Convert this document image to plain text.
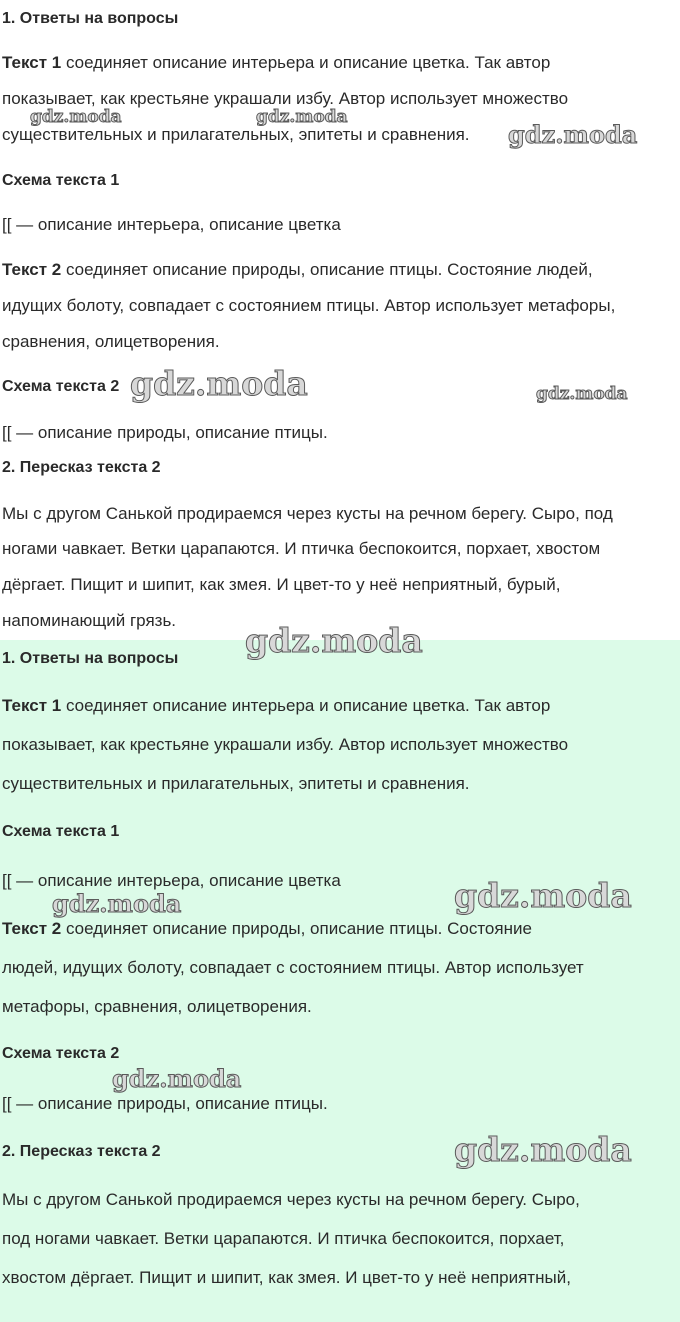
1. Ответы на вопросы
Текст 1 соединяет описание интерьера и описание цветка. Так автор
показывает, как крестьяне украшали избу. Автор использует множество
существительных и прилагательных, эпитеты и сравнения.
Схема текста 1
[[ — описание интерьера, описание цветка
Текст 2 соединяет описание природы, описание птицы. Состояние людей,
идущих болоту, совпадает с состоянием птицы. Автор использует метафоры,
сравнения, олицетворения.
Схема текста 2
[[ — описание природы, описание птицы.
2. Пересказ текста 2
Мы с другом Санькой продираемся через кусты на речном берегу. Сыро, под
ногами чавкает. Ветки царапаются. И птичка беспокоится, порхает, хвостом
дёргает. Пищит и шипит, как змея. И цвет-то у неё неприятный, бурый,
напоминающий грязь.
gdz.moda	gdz.moda
gdz.moda
gdz.moda	gdz.moda
gdz.moda
1. Ответы на вопросы
Текст 1 соединяет описание интерьера и описание цветка. Так автор
показывает, как крестьяне украшали избу. Автор использует множество
существительных и прилагательных, эпитеты и сравнения.
Схема текста 1
[[ — описание интерьера, описание цветка
Текст 2 соединяет описание природы, описание птицы. Состояние
людей, идущих болоту, совпадает с состоянием птицы. Автор использует
метафоры, сравнения, олицетворения.
Схема текста 2
[[ — описание природы, описание птицы.
2. Пересказ текста 2
Мы с другом Санькой продираемся через кусты на речном берегу. Сыро,
под ногами чавкает. Ветки царапаются. И птичка беспокоится, порхает,
хвостом дёргает. Пищит и шипит, как змея. И цвет-то у неё неприятный,
gdz.moda
gdz.moda
gdz.moda
gdz.moda
